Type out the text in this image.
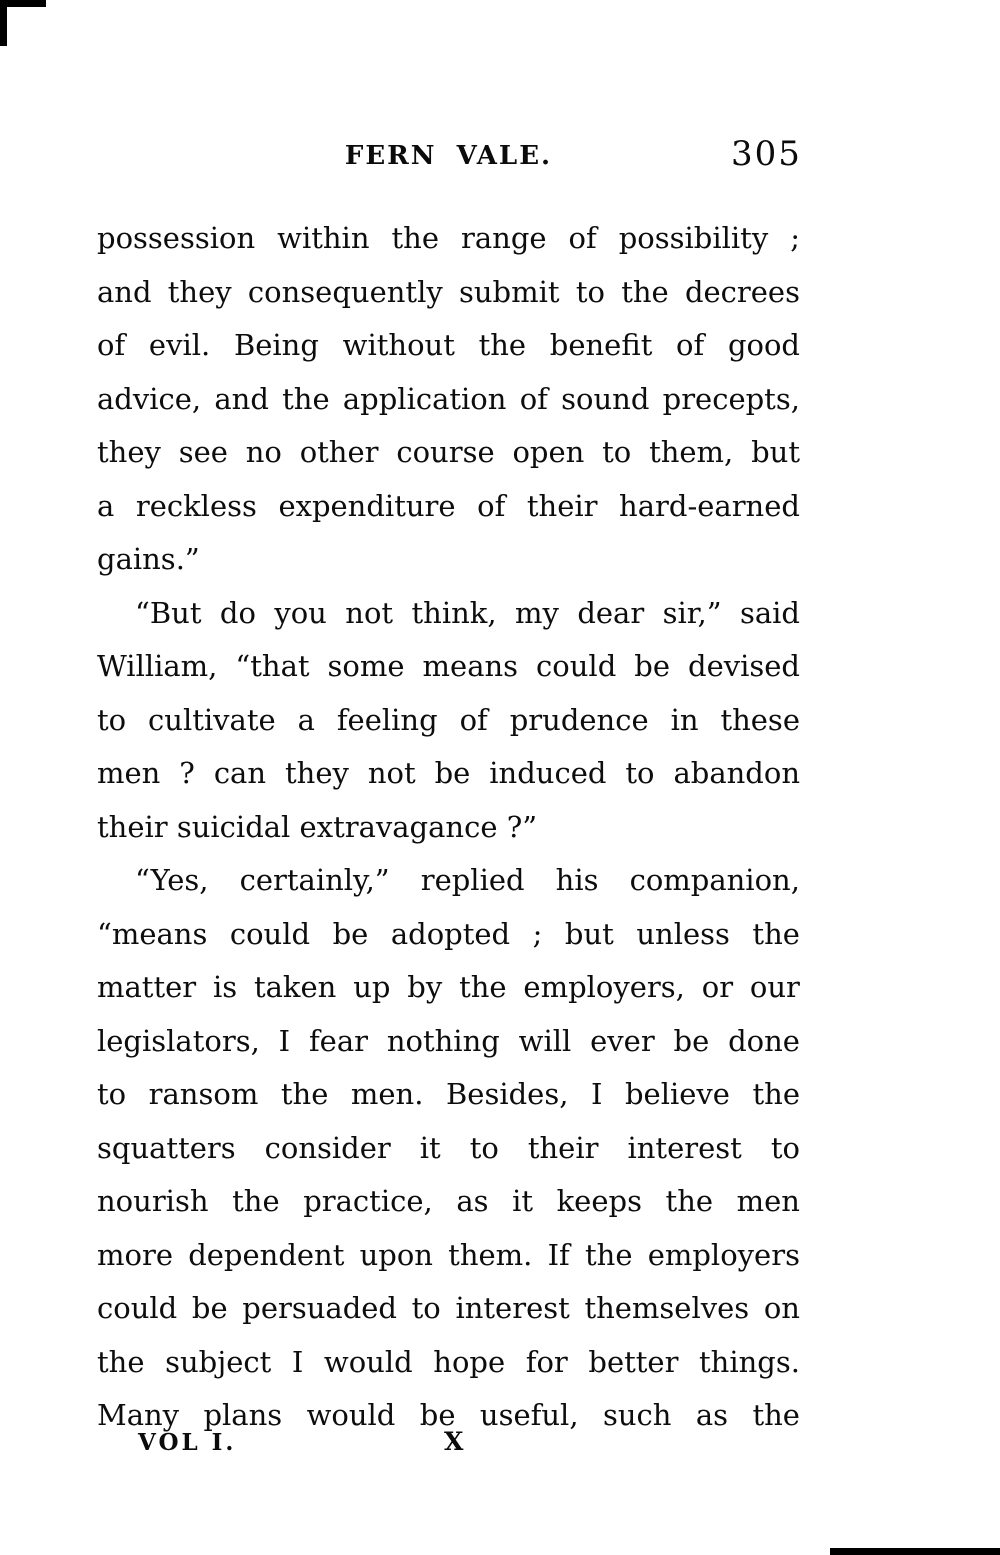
FERN VALE.	305
possession within the range of possibility ;
and they consequently submit to the decrees
of evil. Being without the benefit of good
advice, and the application of sound precepts,
they see no other course open to them, but
a reckless expenditure of their hard-earned
gains.”
“But do you not think, my dear sir,” said
William, “that some means could be devised
to cultivate a feeling of prudence in these
men ? can they not be induced to abandon
their suicidal extravagance ?”
“Yes, certainly,” replied his companion,
“means could be adopted ; but unless the
matter is taken up by the employers, or our
legislators, I fear nothing will ever be done
to ransom the men. Besides, I believe the
squatters consider it to their interest to
nourish the practice, as it keeps the men
more dependent upon them. If the employers
could be persuaded to interest themselves on
the subject I would hope for better things.
Many plans would be useful, such as the
VOL I.	X
